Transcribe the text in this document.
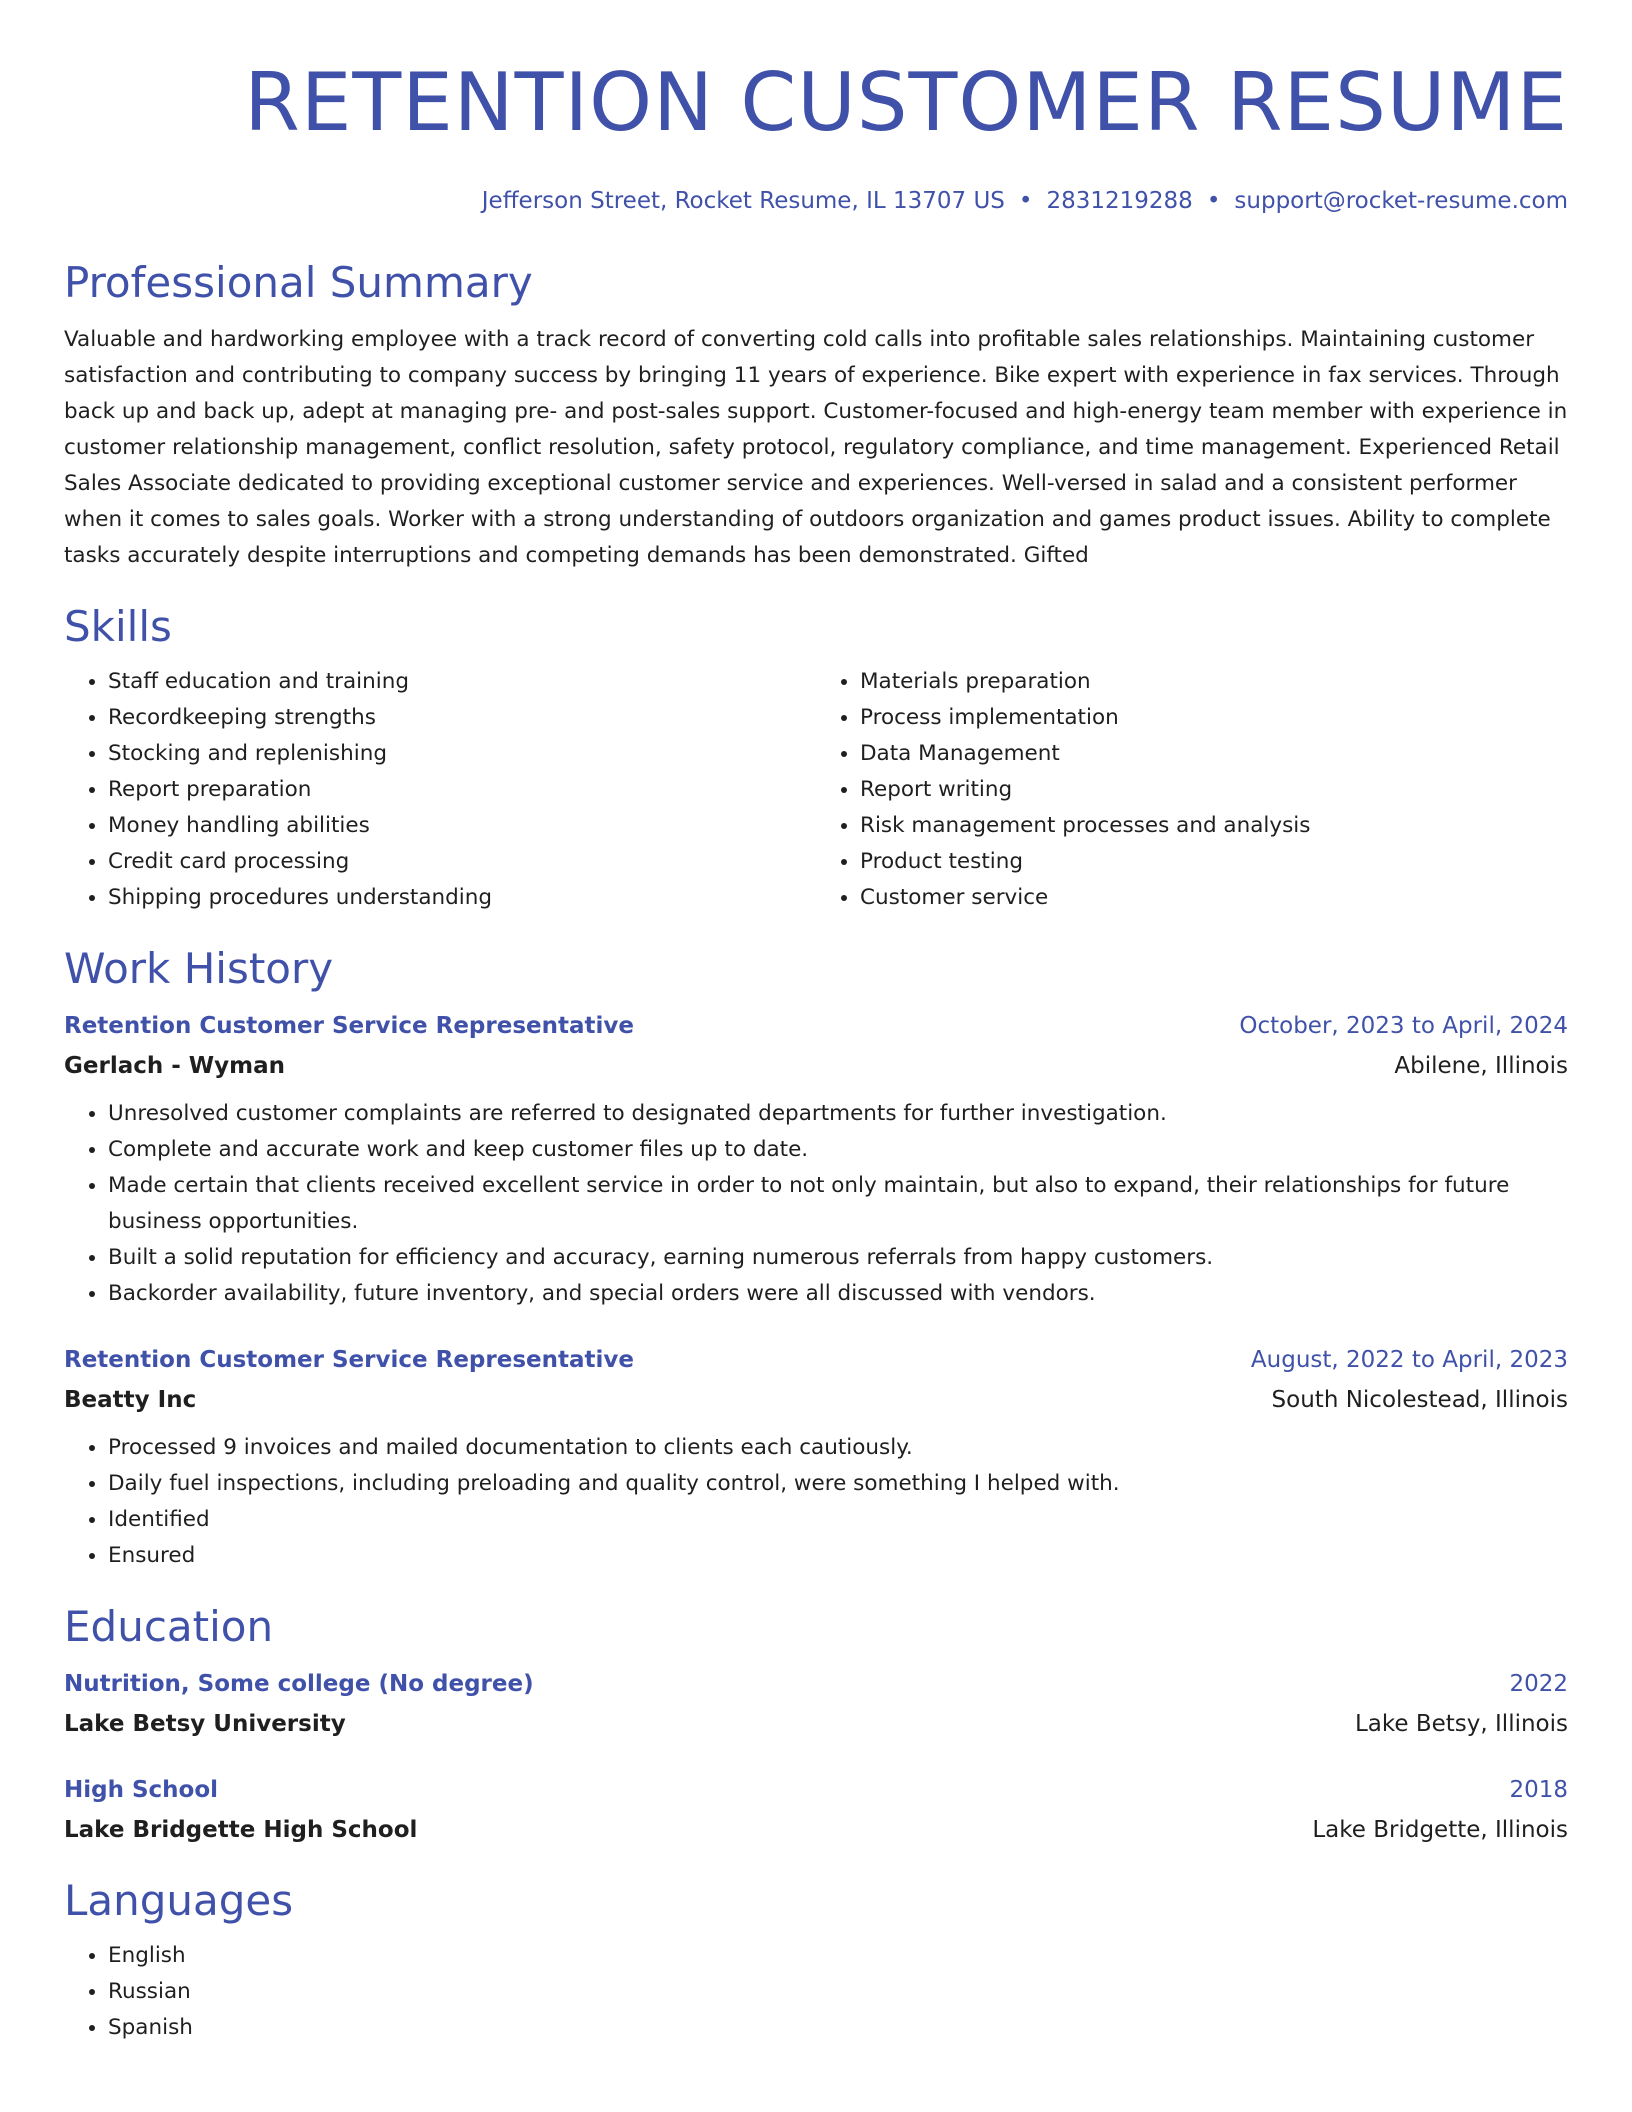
RETENTION CUSTOMER RESUME
Jefferson Street, Rocket Resume, IL 13707 US • 2831219288 • support@rocket-resume.com
Professional Summary
Valuable and hardworking employee with a track record of converting cold calls into profitable sales relationships. Maintaining customer satisfaction and contributing to company success by bringing 11 years of experience. Bike expert with experience in fax services. Through back up and back up, adept at managing pre- and post-sales support. Customer-focused and high-energy team member with experience in customer relationship management, conflict resolution, safety protocol, regulatory compliance, and time management. Experienced Retail Sales Associate dedicated to providing exceptional customer service and experiences. Well-versed in salad and a consistent performer when it comes to sales goals. Worker with a strong understanding of outdoors organization and games product issues. Ability to complete tasks accurately despite interruptions and competing demands has been demonstrated. Gifted
Skills
• Staff education and training
• Recordkeeping strengths
• Stocking and replenishing
• Report preparation
• Money handling abilities
• Credit card processing
• Shipping procedures understanding
• Materials preparation
• Process implementation
• Data Management
• Report writing
• Risk management processes and analysis
• Product testing
• Customer service
Work History
Retention Customer Service Representative	October, 2023 to April, 2024
Gerlach - Wyman	Abilene, Illinois
• Unresolved customer complaints are referred to designated departments for further investigation.
• Complete and accurate work and keep customer files up to date.
• Made certain that clients received excellent service in order to not only maintain, but also to expand, their relationships for future business opportunities.
• Built a solid reputation for efficiency and accuracy, earning numerous referrals from happy customers.
• Backorder availability, future inventory, and special orders were all discussed with vendors.
Retention Customer Service Representative	August, 2022 to April, 2023
Beatty Inc	South Nicolestead, Illinois
• Processed 9 invoices and mailed documentation to clients each cautiously.
• Daily fuel inspections, including preloading and quality control, were something I helped with.
• Identified
• Ensured
Education
Nutrition, Some college (No degree)	2022
Lake Betsy University	Lake Betsy, Illinois
High School	2018
Lake Bridgette High School	Lake Bridgette, Illinois
Languages
• English
• Russian
• Spanish
